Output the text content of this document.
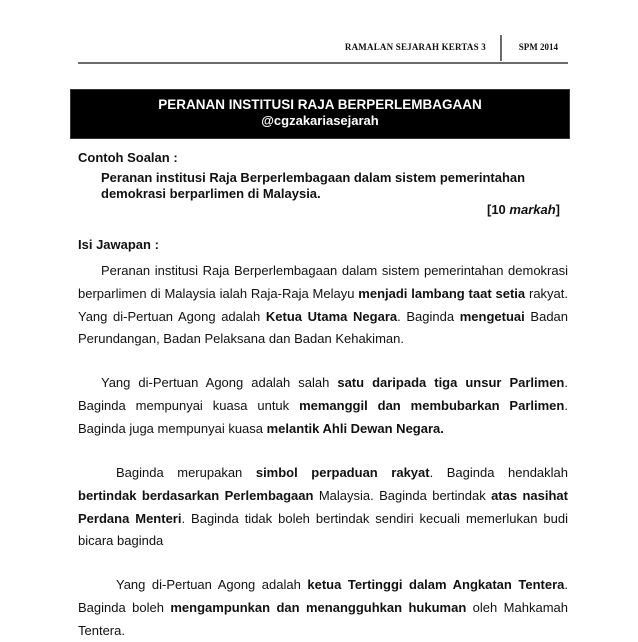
RAMALAN SEJARAH KERTAS 3	SPM 2014
PERANAN INSTITUSI RAJA BERPERLEMBAGAAN
@cgzakariasejarah
Contoh Soalan :
Peranan institusi Raja Berperlembagaan dalam sistem pemerintahan
demokrasi berparlimen di Malaysia.
[10 markah]
Isi Jawapan :

Peranan institusi Raja Berperlembagaan dalam sistem pemerintahan demokrasi berparlimen di Malaysia ialah Raja-Raja Melayu menjadi lambang taat setia rakyat. Yang di-Pertuan Agong adalah Ketua Utama Negara. Baginda mengetuai Badan Perundangan, Badan Pelaksana dan Badan Kehakiman.

Yang di-Pertuan Agong adalah salah satu daripada tiga unsur Parlimen. Baginda mempunyai kuasa untuk memanggil dan membubarkan Parlimen. Baginda juga mempunyai kuasa melantik Ahli Dewan Negara.

Baginda merupakan simbol perpaduan rakyat. Baginda hendaklah bertindak berdasarkan Perlembagaan Malaysia. Baginda bertindak atas nasihat Perdana Menteri. Baginda tidak boleh bertindak sendiri kecuali memerlukan budi bicara baginda

Yang di-Pertuan Agong adalah ketua Tertinggi dalam Angkatan Tentera. Baginda boleh mengampunkan dan menangguhkan hukuman oleh Mahkamah Tentera.
